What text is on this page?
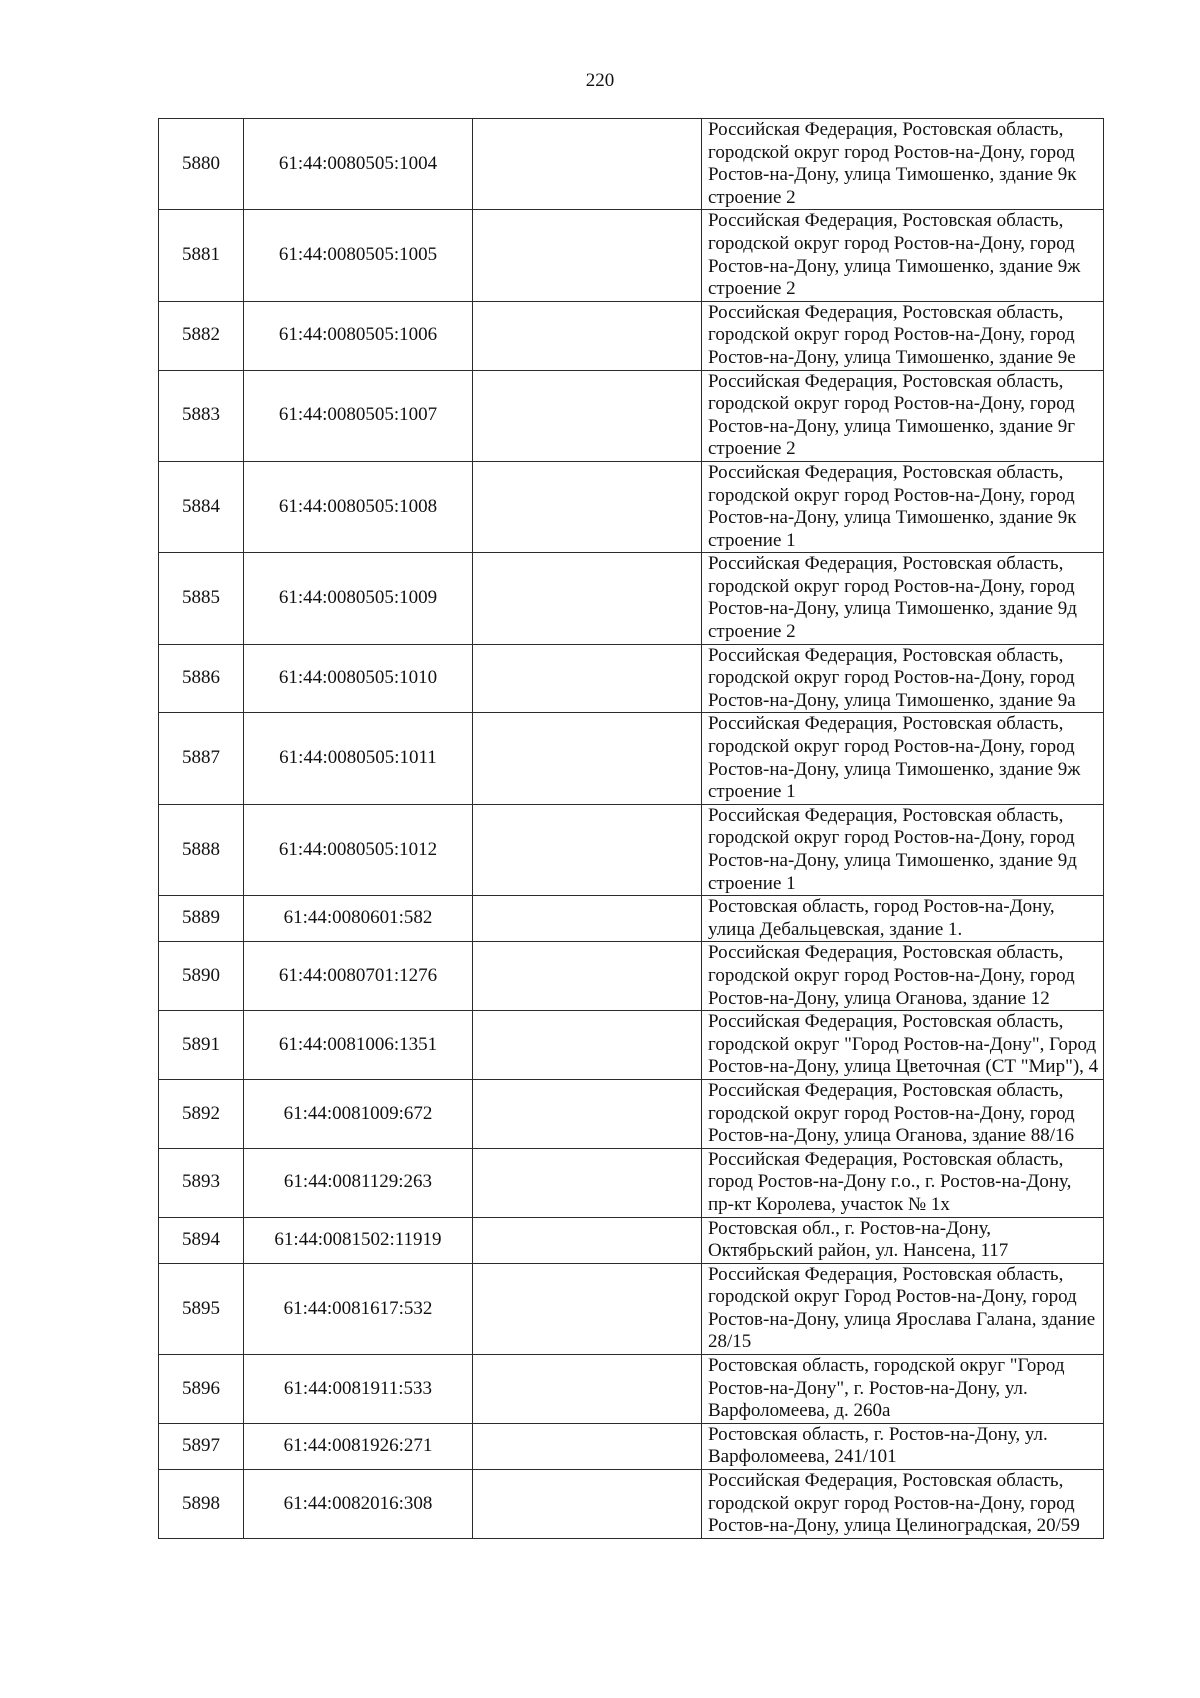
220
5880	61:44:0080505:1004		Российская Федерация, Ростовская область,
городской округ город Ростов-на-Дону, город
Ростов-на-Дону, улица Тимошенко, здание 9к
строение 2

5881	61:44:0080505:1005		Российская Федерация, Ростовская область,
городской округ город Ростов-на-Дону, город
Ростов-на-Дону, улица Тимошенко, здание 9ж
строение 2

5882	61:44:0080505:1006		Российская Федерация, Ростовская область,
городской округ город Ростов-на-Дону, город
Ростов-на-Дону, улица Тимошенко, здание 9е

5883	61:44:0080505:1007		Российская Федерация, Ростовская область,
городской округ город Ростов-на-Дону, город
Ростов-на-Дону, улица Тимошенко, здание 9г
строение 2

5884	61:44:0080505:1008		Российская Федерация, Ростовская область,
городской округ город Ростов-на-Дону, город
Ростов-на-Дону, улица Тимошенко, здание 9к
строение 1

5885	61:44:0080505:1009		Российская Федерация, Ростовская область,
городской округ город Ростов-на-Дону, город
Ростов-на-Дону, улица Тимошенко, здание 9д
строение 2

5886	61:44:0080505:1010		Российская Федерация, Ростовская область,
городской округ город Ростов-на-Дону, город
Ростов-на-Дону, улица Тимошенко, здание 9а

5887	61:44:0080505:1011		Российская Федерация, Ростовская область,
городской округ город Ростов-на-Дону, город
Ростов-на-Дону, улица Тимошенко, здание 9ж
строение 1

5888	61:44:0080505:1012		Российская Федерация, Ростовская область,
городской округ город Ростов-на-Дону, город
Ростов-на-Дону, улица Тимошенко, здание 9д
строение 1

5889	61:44:0080601:582		Ростовская область, город Ростов-на-Дону,
улица Дебальцевская, здание 1.

5890	61:44:0080701:1276		Российская Федерация, Ростовская область,
городской округ город Ростов-на-Дону, город
Ростов-на-Дону, улица Оганова, здание 12

5891	61:44:0081006:1351		Российская Федерация, Ростовская область,
городской округ "Город Ростов-на-Дону", Город
Ростов-на-Дону, улица Цветочная (СТ "Мир"), 4

5892	61:44:0081009:672		Российская Федерация, Ростовская область,
городской округ город Ростов-на-Дону, город
Ростов-на-Дону, улица Оганова, здание 88/16

5893	61:44:0081129:263		Российская Федерация, Ростовская область,
город Ростов-на-Дону г.о., г. Ростов-на-Дону,
пр-кт Королева, участок № 1х

5894	61:44:0081502:11919		Ростовская обл., г. Ростов-на-Дону,
Октябрьский район, ул. Нансена, 117

5895	61:44:0081617:532		Российская Федерация, Ростовская область,
городской округ Город Ростов-на-Дону, город
Ростов-на-Дону, улица Ярослава Галана, здание
28/15

5896	61:44:0081911:533		Ростовская область, городской округ "Город
Ростов-на-Дону", г. Ростов-на-Дону, ул.
Варфоломеева, д. 260а

5897	61:44:0081926:271		Ростовская область, г. Ростов-на-Дону, ул.
Варфоломеева, 241/101

5898	61:44:0082016:308		Российская Федерация, Ростовская область,
городской округ город Ростов-на-Дону, город
Ростов-на-Дону, улица Целиноградская, 20/59
